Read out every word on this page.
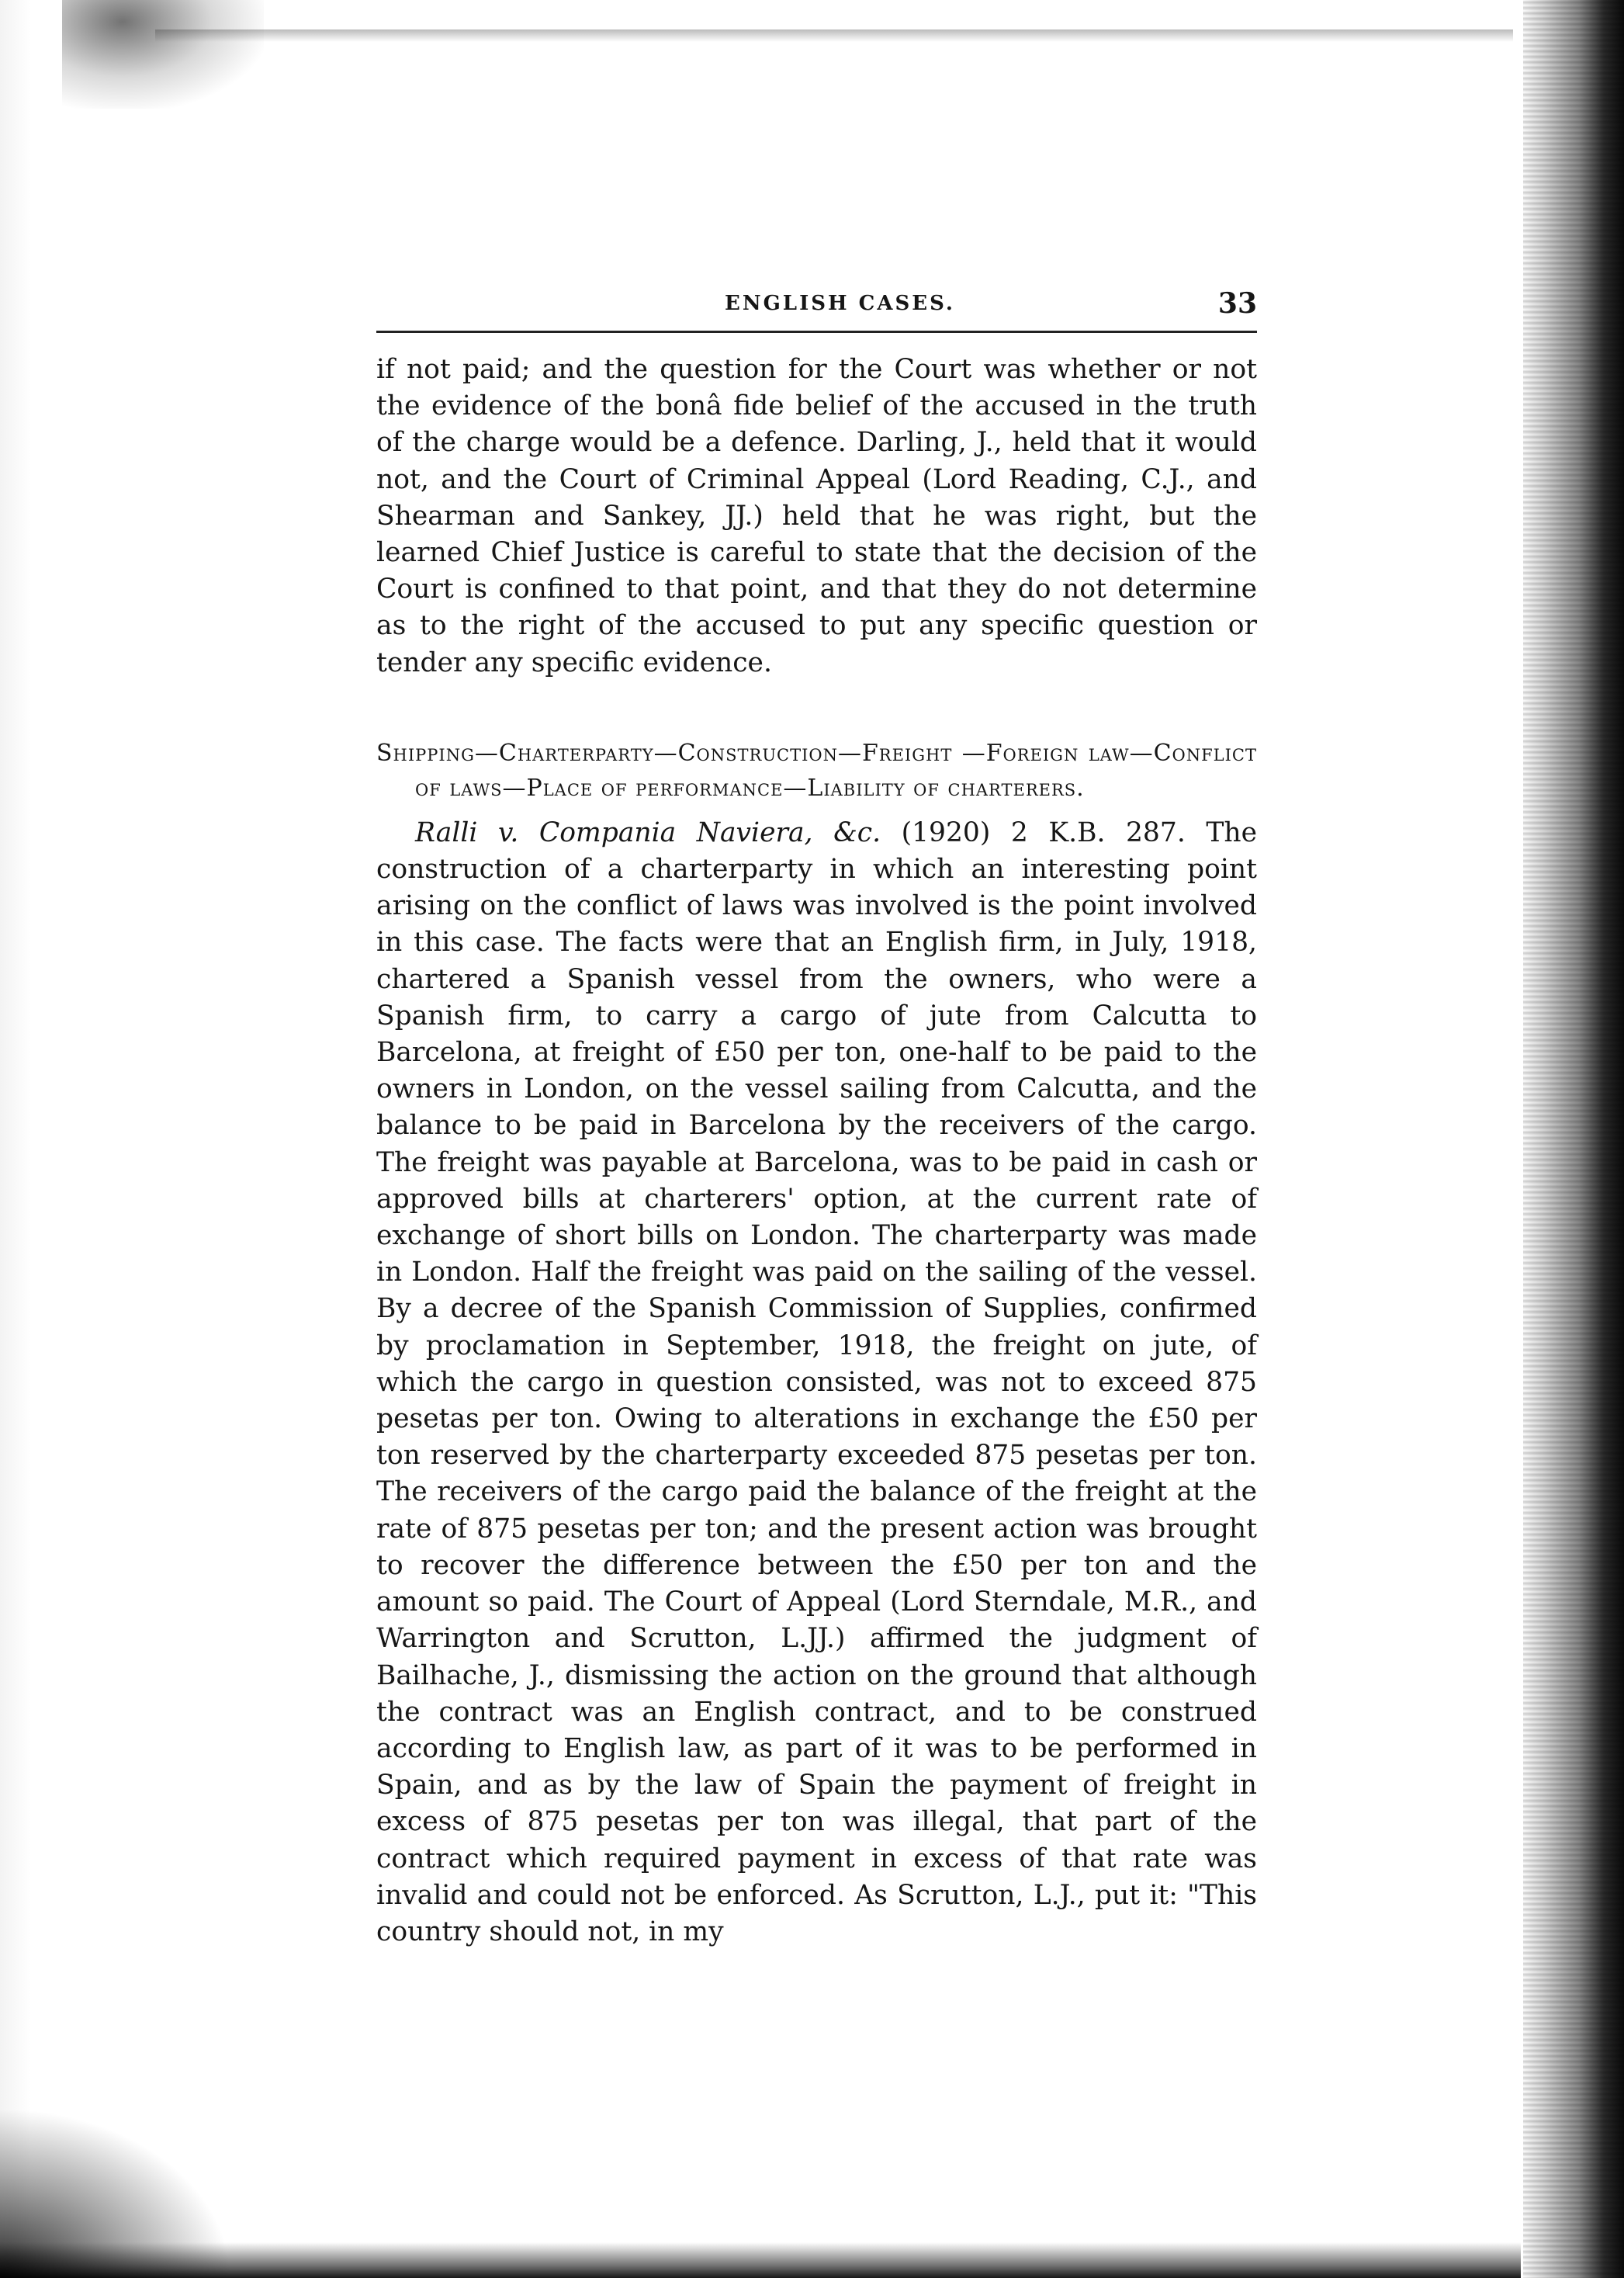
ENGLISH CASES.	33

if not paid; and the question for the Court was whether or not the evidence of the bonâ fide belief of the accused in the truth of the charge would be a defence. Darling, J., held that it would not, and the Court of Criminal Appeal (Lord Reading, C.J., and Shearman and Sankey, JJ.) held that he was right, but the learned Chief Justice is careful to state that the decision of the Court is confined to that point, and that they do not determine as to the right of the accused to put any specific question or tender any specific evidence.

Shipping—Charterparty—Construction—Freight —Foreign law—Conflict of laws—Place of performance—Liability of charterers.

Ralli v. Compania Naviera, &c. (1920) 2 K.B. 287. The construction of a charterparty in which an interesting point arising on the conflict of laws was involved is the point involved in this case. The facts were that an English firm, in July, 1918, chartered a Spanish vessel from the owners, who were a Spanish firm, to carry a cargo of jute from Calcutta to Barcelona, at freight of £50 per ton, one-half to be paid to the owners in London, on the vessel sailing from Calcutta, and the balance to be paid in Barcelona by the receivers of the cargo. The freight was payable at Barcelona, was to be paid in cash or approved bills at charterers' option, at the current rate of exchange of short bills on London. The charterparty was made in London. Half the freight was paid on the sailing of the vessel. By a decree of the Spanish Commission of Supplies, confirmed by proclamation in September, 1918, the freight on jute, of which the cargo in question consisted, was not to exceed 875 pesetas per ton. Owing to alterations in exchange the £50 per ton reserved by the charterparty exceeded 875 pesetas per ton. The receivers of the cargo paid the balance of the freight at the rate of 875 pesetas per ton; and the present action was brought to recover the difference between the £50 per ton and the amount so paid. The Court of Appeal (Lord Sterndale, M.R., and Warrington and Scrutton, L.JJ.) affirmed the judgment of Bailhache, J., dismissing the action on the ground that although the contract was an English contract, and to be construed according to English law, as part of it was to be performed in Spain, and as by the law of Spain the payment of freight in excess of 875 pesetas per ton was illegal, that part of the contract which required payment in excess of that rate was invalid and could not be enforced. As Scrutton, L.J., put it: "This country should not, in my
